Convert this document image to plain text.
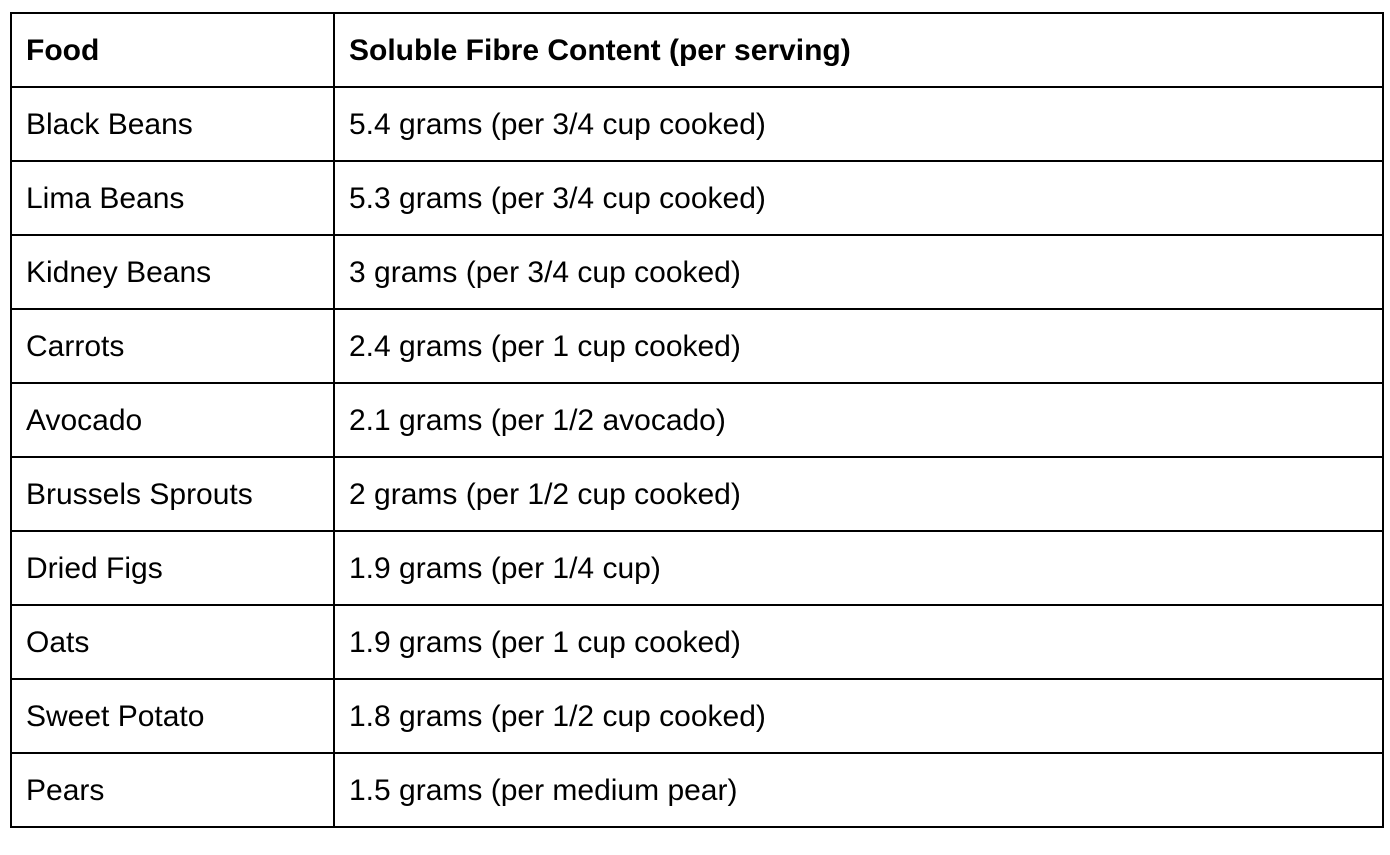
Food	Soluble Fibre Content (per serving)
Black Beans	5.4 grams (per 3/4 cup cooked)
Lima Beans	5.3 grams (per 3/4 cup cooked)
Kidney Beans	3 grams (per 3/4 cup cooked)
Carrots	2.4 grams (per 1 cup cooked)
Avocado	2.1 grams (per 1/2 avocado)
Brussels Sprouts	2 grams (per 1/2 cup cooked)
Dried Figs	1.9 grams (per 1/4 cup)
Oats	1.9 grams (per 1 cup cooked)
Sweet Potato	1.8 grams (per 1/2 cup cooked)
Pears	1.5 grams (per medium pear)
